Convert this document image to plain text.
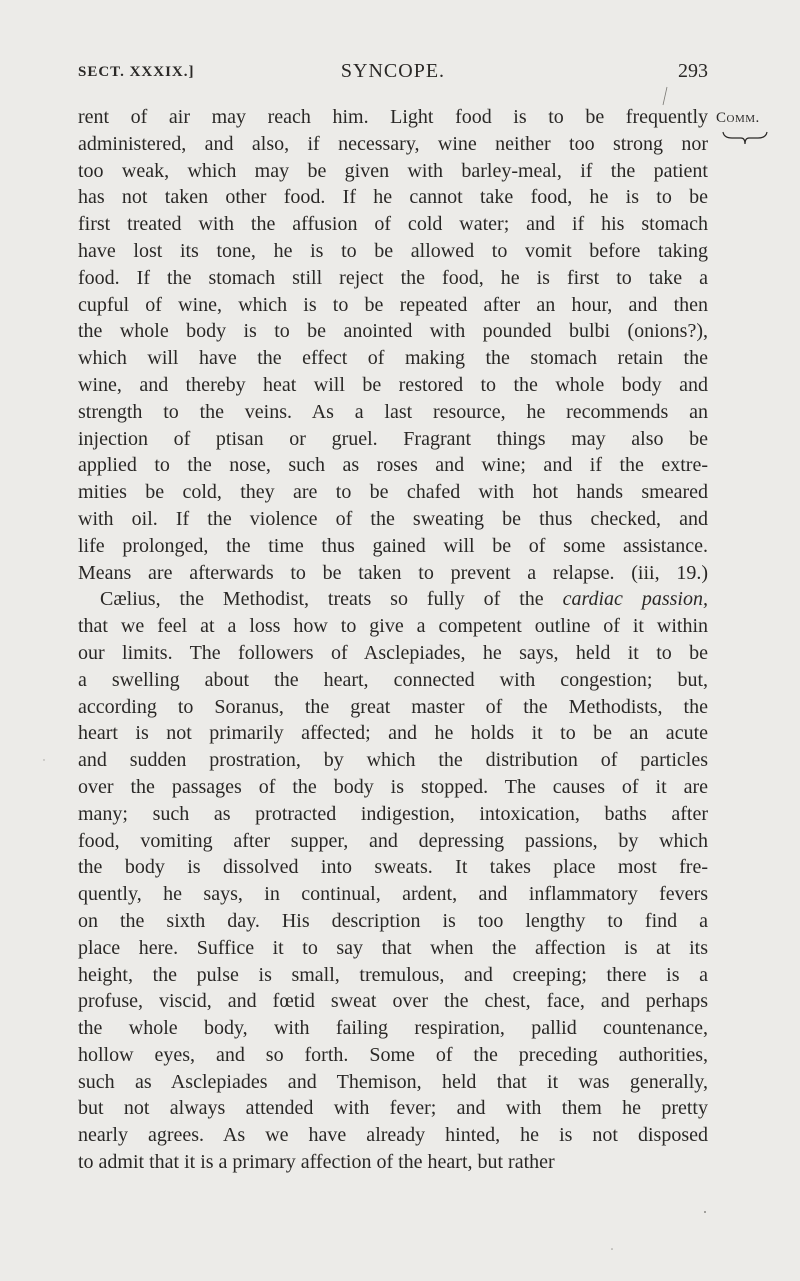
SECT. XXXIX.]	SYNCOPE.	293
Comm.
rent of air may reach him. Light food is to be frequently
administered, and also, if necessary, wine neither too strong nor
too weak, which may be given with barley-meal, if the patient
has not taken other food. If he cannot take food, he is to be
first treated with the affusion of cold water; and if his stomach
have lost its tone, he is to be allowed to vomit before taking
food. If the stomach still reject the food, he is first to take a
cupful of wine, which is to be repeated after an hour, and then
the whole body is to be anointed with pounded bulbi (onions?),
which will have the effect of making the stomach retain the
wine, and thereby heat will be restored to the whole body and
strength to the veins. As a last resource, he recommends an
injection of ptisan or gruel. Fragrant things may also be
applied to the nose, such as roses and wine; and if the extre-
mities be cold, they are to be chafed with hot hands smeared
with oil. If the violence of the sweating be thus checked, and
life prolonged, the time thus gained will be of some assistance.
Means are afterwards to be taken to prevent a relapse. (iii, 19.)
Cælius, the Methodist, treats so fully of the cardiac passion,
that we feel at a loss how to give a competent outline of it within
our limits. The followers of Asclepiades, he says, held it to be
a swelling about the heart, connected with congestion; but,
according to Soranus, the great master of the Methodists, the
heart is not primarily affected; and he holds it to be an acute
and sudden prostration, by which the distribution of particles
over the passages of the body is stopped. The causes of it are
many; such as protracted indigestion, intoxication, baths after
food, vomiting after supper, and depressing passions, by which
the body is dissolved into sweats. It takes place most fre-
quently, he says, in continual, ardent, and inflammatory fevers
on the sixth day. His description is too lengthy to find a
place here. Suffice it to say that when the affection is at its
height, the pulse is small, tremulous, and creeping; there is a
profuse, viscid, and fœtid sweat over the chest, face, and perhaps
the whole body, with failing respiration, pallid countenance,
hollow eyes, and so forth. Some of the preceding authorities,
such as Asclepiades and Themison, held that it was generally,
but not always attended with fever; and with them he pretty
nearly agrees. As we have already hinted, he is not disposed
to admit that it is a primary affection of the heart, but rather
